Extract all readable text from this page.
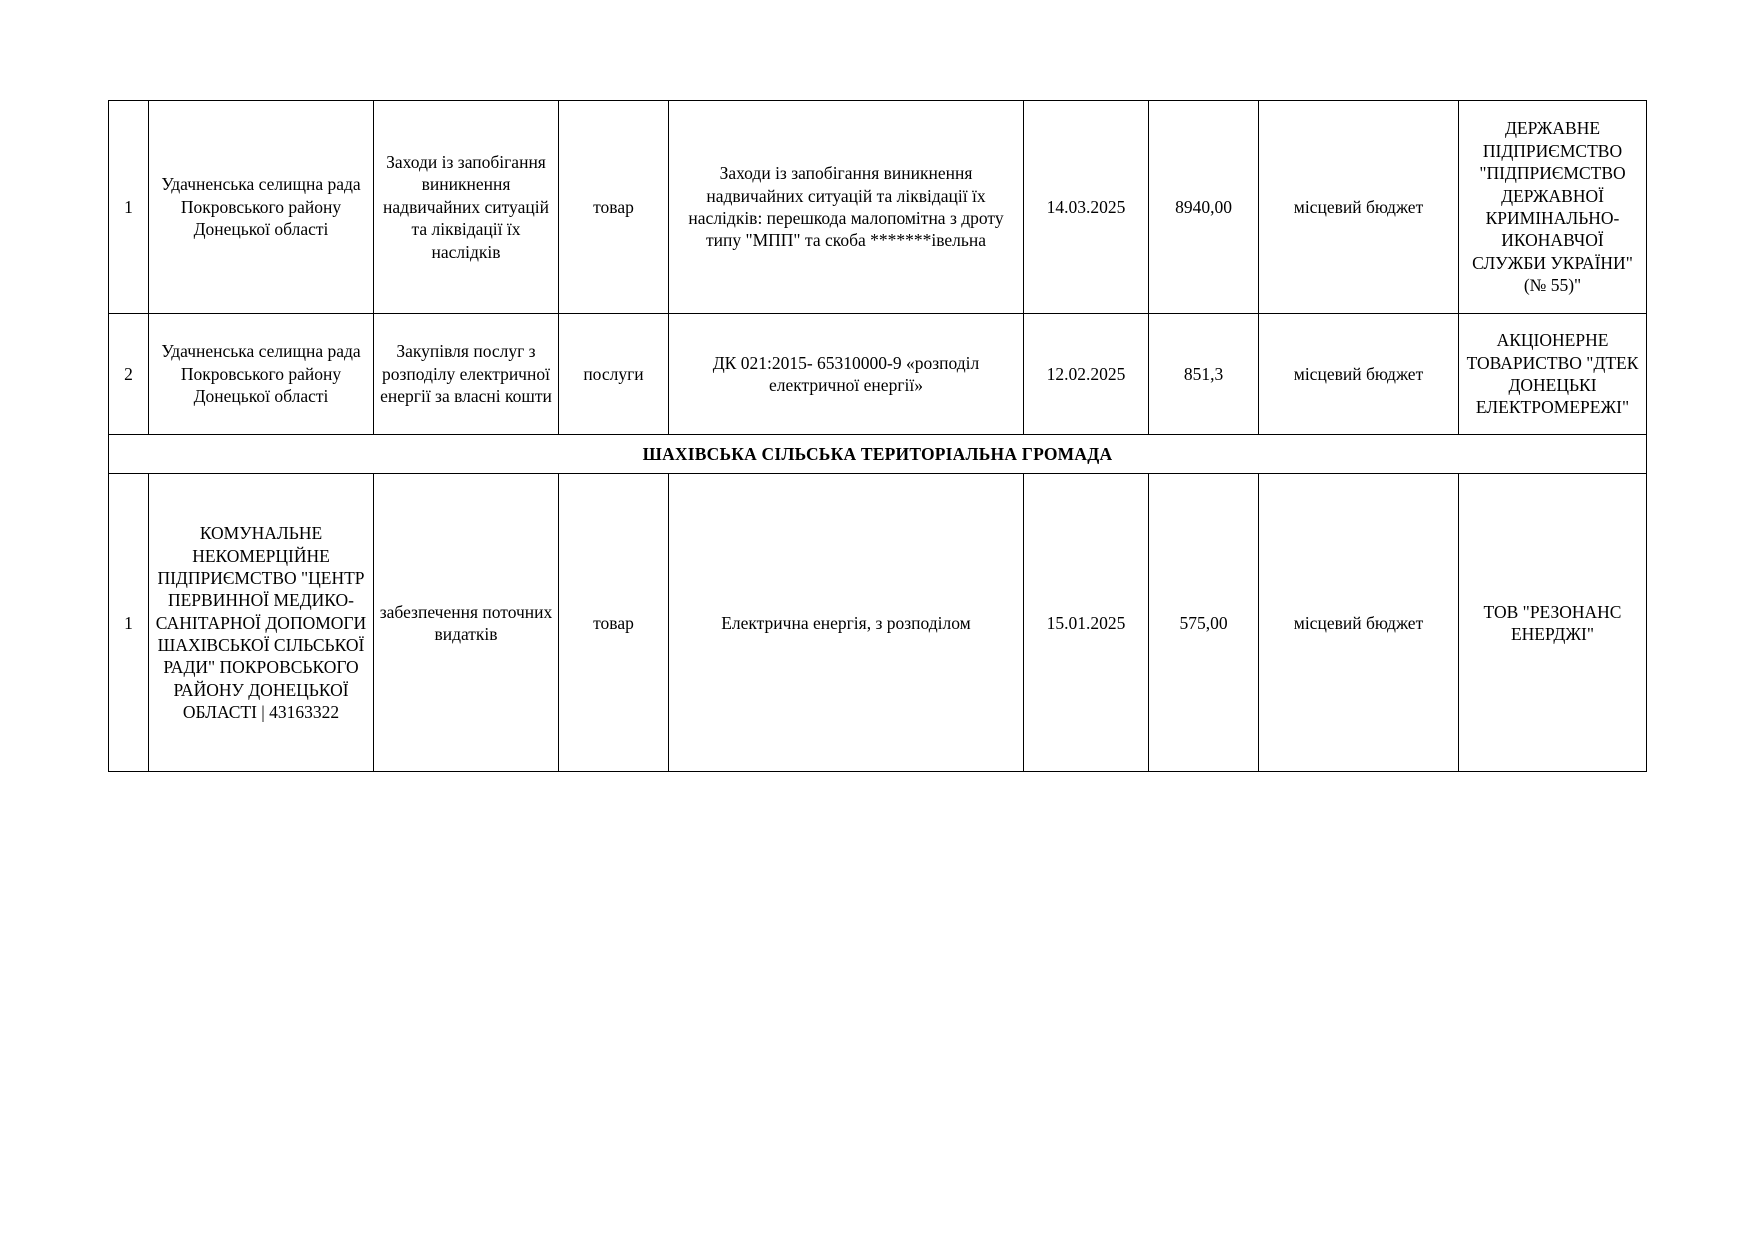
1	Удачненська селищна рада Покровського району Донецької області	Заходи із запобігання виникнення надвичайних ситуацій та ліквідації їх наслідків	товар	Заходи із запобігання виникнення надвичайних ситуацій та ліквідації їх наслідків: перешкода малопомітна з дроту типу "МПП" та скоба *******івельна	14.03.2025	8940,00	місцевий бюджет	ДЕРЖАВНЕ ПІДПРИЄМСТВО "ПІДПРИЄМСТВО ДЕРЖАВНОЇ КРИМІНАЛЬНО-ИКОНАВЧОЇ СЛУЖБИ УКРАЇНИ" (№ 55)"
2	Удачненська селищна рада Покровського району Донецької області	Закупівля послуг з розподілу електричної енергії за власні кошти	послуги	ДК 021:2015- 65310000-9 «розподіл електричної енергії»	12.02.2025	851,3	місцевий бюджет	АКЦІОНЕРНЕ ТОВАРИСТВО "ДТЕК ДОНЕЦЬКІ ЕЛЕКТРОМЕРЕЖІ"
ШАХІВСЬКА СІЛЬСЬКА ТЕРИТОРІАЛЬНА ГРОМАДА								
1	КОМУНАЛЬНЕ НЕКОМЕРЦІЙНЕ ПІДПРИЄМСТВО "ЦЕНТР ПЕРВИННОЇ МЕДИКО-САНІТАРНОЇ ДОПОМОГИ ШАХІВСЬКОЇ СІЛЬСЬКОЇ РАДИ" ПОКРОВСЬКОГО РАЙОНУ ДОНЕЦЬКОЇ ОБЛАСТІ | 43163322	забезпечення поточних видатків	товар	Електрична енергія, з розподілом	15.01.2025	575,00	місцевий бюджет	ТОВ "РЕЗОНАНС ЕНЕРДЖІ"
